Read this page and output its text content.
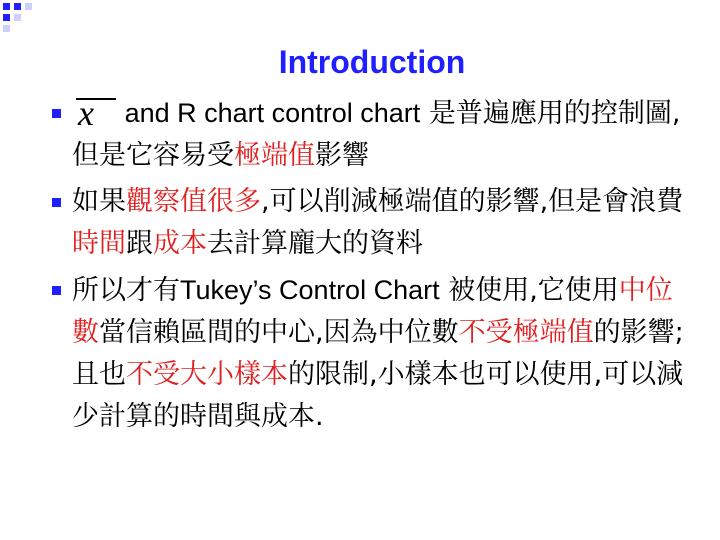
Introduction
x and R chart control chart 是普遍應用的控制圖,但是它容易受極端值影響
如果觀察值很多,可以削減極端值的影響,但是會浪費時間跟成本去計算龐大的資料
所以才有Tukey’s Control Chart 被使用,它使用中位數當信賴區間的中心,因為中位數不受極端值的影響;且也不受大小樣本的限制,小樣本也可以使用,可以減少計算的時間與成本.
